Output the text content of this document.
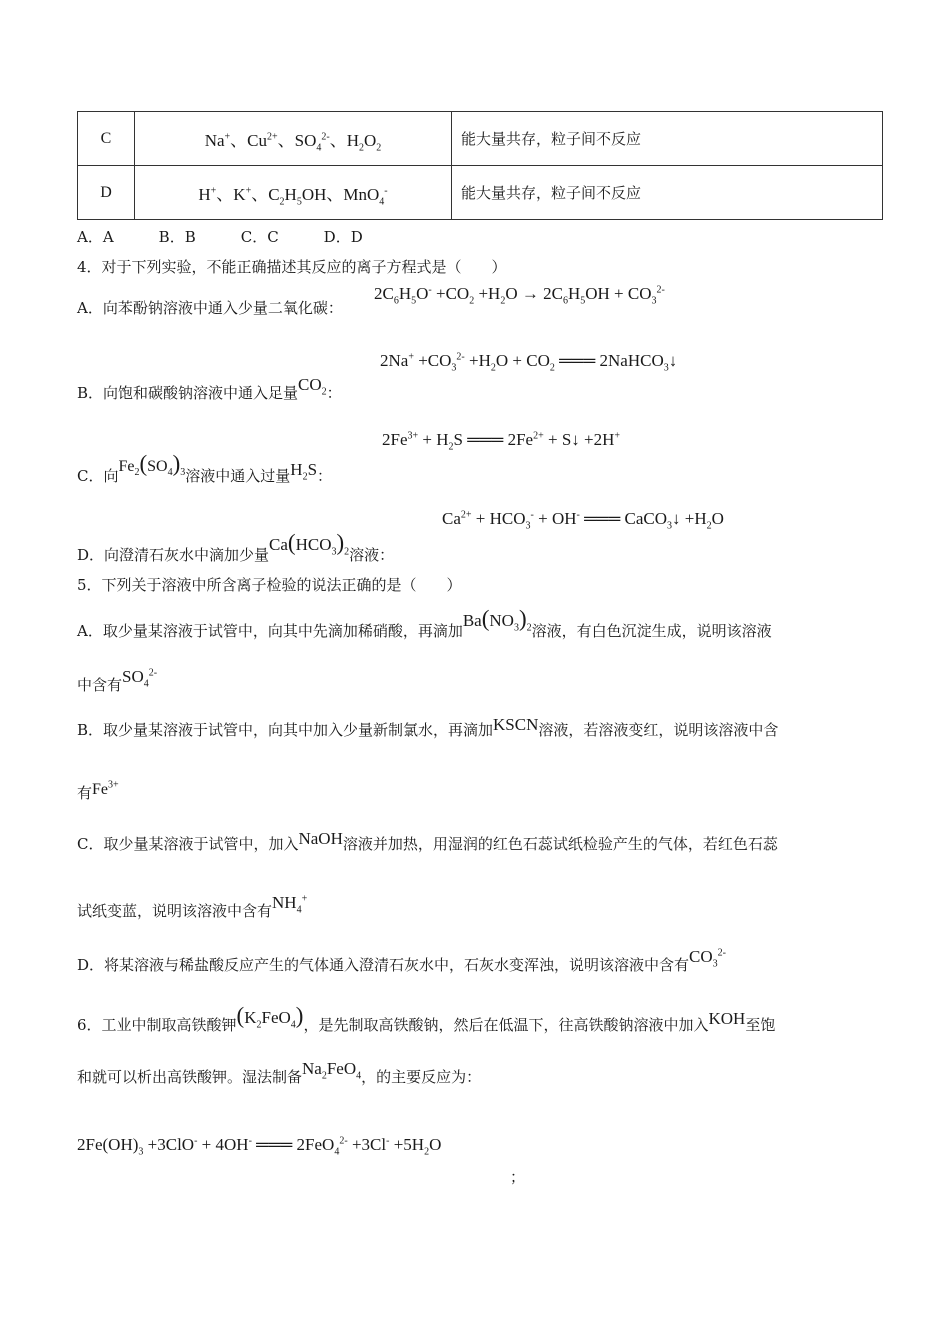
C	Na+、$Cu^{2+}$、$SO_4^{2-}$、$H_2O_2$	能大量共存，粒子间不反应
D	H+、K+、$C_2H_5OH$、MnO$_4$-	能大量共存，粒子间不反应
A．A　　　B．B　　　C．C　　　D．D
4．对于下列实验，不能正确描述其反应的离子方程式是（　　）
A．向苯酚钠溶液中通入少量二氧化碳：
$2C_6H_5O^- +CO_2 +H_2O \to 2C_6H_5OH + CO_3^{2-}$
$2Na^+ +CO_3^{2-} +H_2O + CO_2$ ═══ 2NaHCO$_3$↓
B．向饱和碳酸钠溶液中通入足量$CO_2$：
$2Fe^{3+} + H_2S$ ═══ $2Fe^{2+}$ + S↓ +2H+
C．向$Fe_2(SO_4)_3$溶液中通入过量$H_2S$：
$Ca^{2+} + HCO_3^- + OH^-$ ═══ CaCO$_3$↓ $+H_2O$
D．向澄清石灰水中滴加少量$Ca(HCO_3)_2$溶液：
5．下列关于溶液中所含离子检验的说法正确的是（　　）
A．取少量某溶液于试管中，向其中先滴加稀硝酸，再滴加$Ba(NO_3)_2$溶液，有白色沉淀生成，说明该溶液
中含有$SO_4^{2-}$
B．取少量某溶液于试管中，向其中加入少量新制氯水，再滴加KSCN溶液，若溶液变红，说明该溶液中含
有$Fe^{3+}$
C．取少量某溶液于试管中，加入NaOH溶液并加热，用湿润的红色石蕊试纸检验产生的气体，若红色石蕊
试纸变蓝，说明该溶液中含有$NH_4^+$
D．将某溶液与稀盐酸反应产生的气体通入澄清石灰水中，石灰水变浑浊，说明该溶液中含有$CO_3^{2-}$
6．工业中制取高铁酸钾$(K_2FeO_4)$，是先制取高铁酸钠，然后在低温下，往高铁酸钠溶液中加入KOH至饱
和就可以析出高铁酸钾。湿法制备$Na_2FeO_4$，的主要反应为：
$2Fe(OH)_3 +3ClO^- + 4OH^-$ ═══ $2FeO_4^{2-} +3Cl^- +5H_2O$
；
